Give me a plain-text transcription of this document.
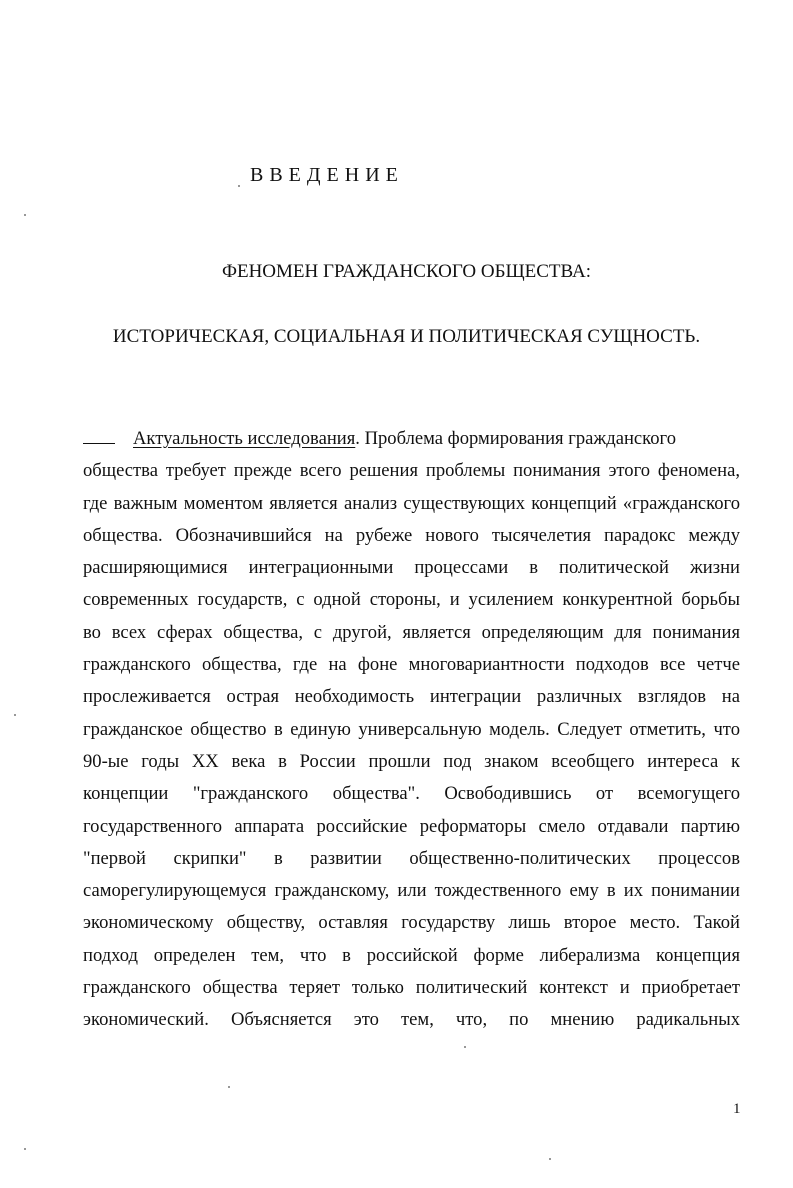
ВВЕДЕНИЕ
ФЕНОМЕН ГРАЖДАНСКОГО ОБЩЕСТВА:
ИСТОРИЧЕСКАЯ, СОЦИАЛЬНАЯ И ПОЛИТИЧЕСКАЯ СУЩНОСТЬ.
Актуальность исследования. Проблема формирования гражданского
общества требует прежде всего решения проблемы понимания этого феномена,
где важным моментом является анализ существующих концепций «гражданского
общества. Обозначившийся на рубеже нового тысячелетия парадокс между
расширяющимися интеграционными процессами в политической жизни
современных государств, с одной стороны, и усилением конкурентной борьбы
во всех сферах общества, с другой, является определяющим для понимания
гражданского общества, где на фоне многовариантности подходов все четче
прослеживается острая необходимость интеграции различных взглядов на
гражданское общество в единую универсальную модель. Следует отметить, что
90-ые годы XX века в России прошли под знаком всеобщего интереса к
концепции "гражданского общества". Освободившись от всемогущего
государственного аппарата российские реформаторы смело отдавали партию
"первой скрипки" в развитии общественно-политических процессов
саморегулирующемуся гражданскому, или тождественного ему в их понимании
экономическому обществу, оставляя государству лишь второе место. Такой
подход определен тем, что в российской форме либерализма концепция
гражданского общества теряет только политический контекст и приобретает
экономический. Объясняется это тем, что, по мнению радикальных
1
